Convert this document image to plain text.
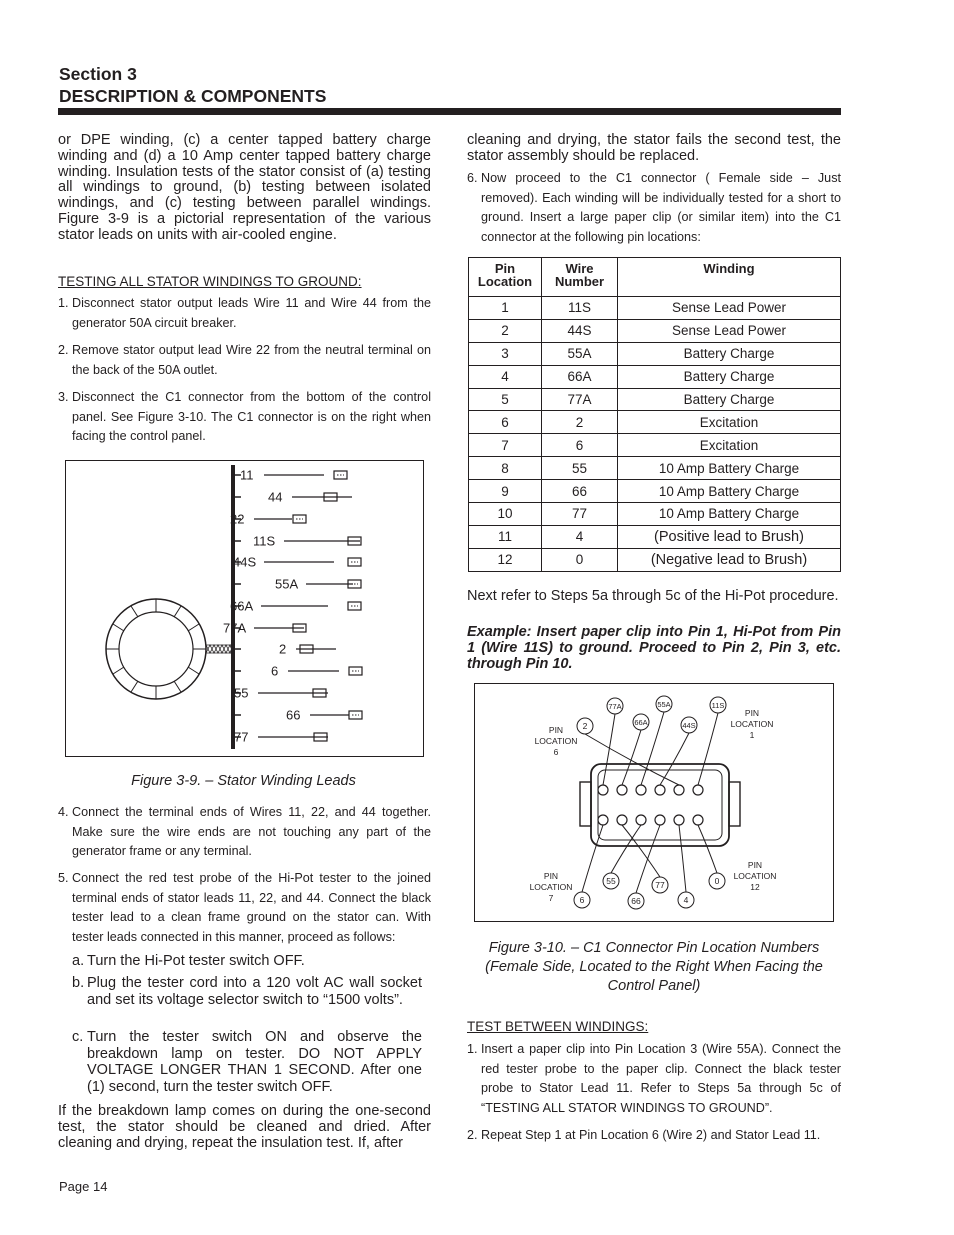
Section 3
DESCRIPTION & COMPONENTS
or DPE winding, (c) a center tapped battery charge winding and (d) a 10 Amp center tapped battery charge winding. Insulation tests of the stator consist of (a) testing all windings to ground, (b) testing between isolated windings, and (c) testing between parallel windings. Figure 3-9 is a pictorial representation of the various stator leads on units with air-cooled engine.
TESTING ALL STATOR WINDINGS TO GROUND:
1. Disconnect stator output leads Wire 11 and Wire 44 from the generator 50A circuit breaker.
2. Remove stator output lead Wire 22 from the neutral terminal on the back of the 50A outlet.
3. Disconnect the C1 connector from the bottom of the control panel. See Figure 3-10. The C1 connector is on the right when facing the control panel.
11
44
22
11S
44S
55A
66A
77A
2
6
55
66
77
Figure 3-9. – Stator Winding Leads
4. Connect the terminal ends of Wires 11, 22, and 44 together. Make sure the wire ends are not touching any part of the generator frame or any terminal.
5. Connect the red test probe of the Hi-Pot tester to the joined terminal ends of stator leads 11, 22, and 44. Connect the black tester lead to a clean frame ground on the stator can. With tester leads connected in this manner, proceed as follows:
a. Turn the Hi-Pot tester switch OFF.
b. Plug the tester cord into a 120 volt AC wall socket and set its voltage selector switch to “1500 volts”.
c. Turn the tester switch ON and observe the breakdown lamp on tester. DO NOT APPLY VOLTAGE LONGER THAN 1 SECOND. After one (1) second, turn the tester switch OFF.
If the breakdown lamp comes on during the one-second test, the stator should be cleaned and dried. After cleaning and drying, repeat the insulation test. If, after
cleaning and drying, the stator fails the second test, the stator assembly should be replaced.
6. Now proceed to the C1 connector ( Female side – Just removed). Each winding will be individually tested for a short to ground. Insert a large paper clip (or similar item) into the C1 connector at the following pin locations:
Pin Location	Wire Number	Winding
1	11S	Sense Lead Power
2	44S	Sense Lead Power
3	55A	Battery Charge
4	66A	Battery Charge
5	77A	Battery Charge
6	2	Excitation
7	6	Excitation
8	55	10 Amp Battery Charge
9	66	10 Amp Battery Charge
10	77	10 Amp Battery Charge
11	4	(Positive lead to Brush)
12	0	(Negative lead to Brush)
Next refer to Steps 5a through 5c of the Hi-Pot procedure.
Example: Insert paper clip into Pin 1, Hi-Pot from Pin 1 (Wire 11S) to ground. Proceed to Pin 2, Pin 3, etc. through Pin 10.
77A	55A	11S
2	66A	44S
55	77	0
6	66	4
PIN
LOCATION
1
PIN
LOCATION
6
PIN
LOCATION
7
PIN
LOCATION
12
Figure 3-10. – C1 Connector Pin Location Numbers (Female Side, Located to the Right When Facing the Control Panel)
TEST BETWEEN WINDINGS:
1. Insert a paper clip into Pin Location 3 (Wire 55A). Connect the red tester probe to the paper clip. Connect the black tester probe to Stator Lead 11. Refer to Steps 5a through 5c of “TESTING ALL STATOR WINDINGS TO GROUND”.
2. Repeat Step 1 at Pin Location 6 (Wire 2) and Stator Lead 11.
Page 14
